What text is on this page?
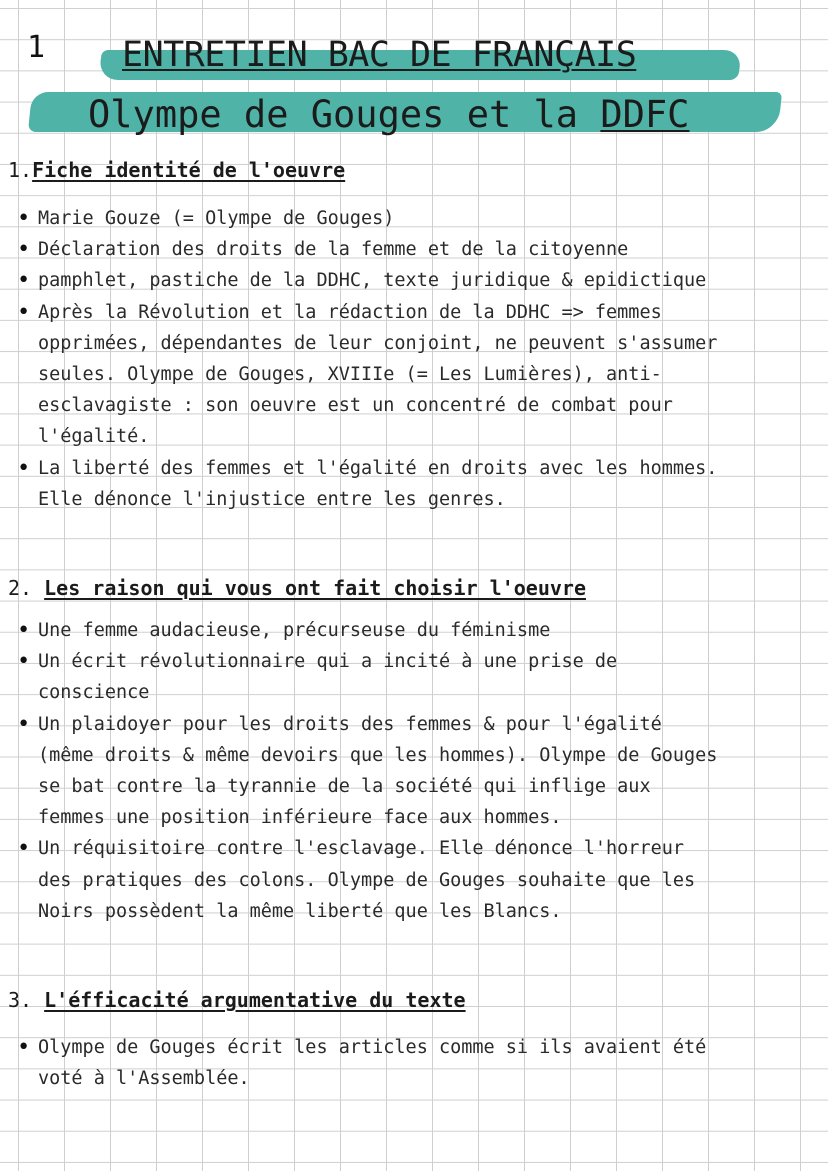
1 ENTRETIEN BAC DE FRANÇAIS
Olympe de Gouges et la DDFC
1.Fiche identité de l'oeuvre
• Marie Gouze (= Olympe de Gouges)
• Déclaration des droits de la femme et de la citoyenne
• pamphlet, pastiche de la DDHC, texte juridique & epidictique
• Après la Révolution et la rédaction de la DDHC => femmes
opprimées, dépendantes de leur conjoint, ne peuvent s'assumer
seules. Olympe de Gouges, XVIIIe (= Les Lumières), anti-
esclavagiste : son oeuvre est un concentré de combat pour
l'égalité.
• La liberté des femmes et l'égalité en droits avec les hommes.
Elle dénonce l'injustice entre les genres.
2. Les raison qui vous ont fait choisir l'oeuvre
• Une femme audacieuse, précurseuse du féminisme
• Un écrit révolutionnaire qui a incité à une prise de
conscience
• Un plaidoyer pour les droits des femmes & pour l'égalité
(même droits & même devoirs que les hommes). Olympe de Gouges
se bat contre la tyrannie de la société qui inflige aux
femmes une position inférieure face aux hommes.
• Un réquisitoire contre l'esclavage. Elle dénonce l'horreur
des pratiques des colons. Olympe de Gouges souhaite que les
Noirs possèdent la même liberté que les Blancs.
3. L'éfficacité argumentative du texte
• Olympe de Gouges écrit les articles comme si ils avaient été
voté à l'Assemblée.
